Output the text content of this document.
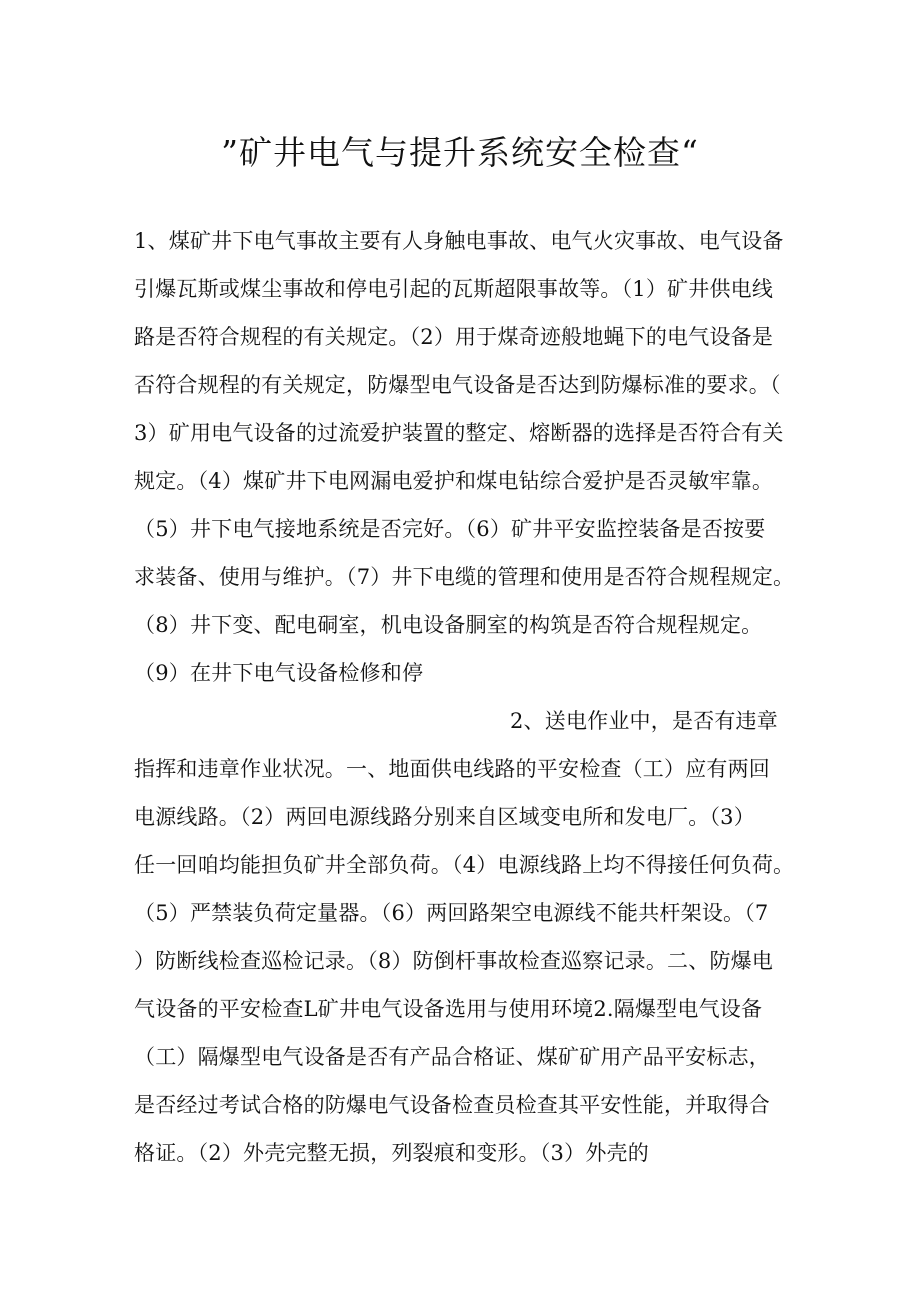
”矿井电气与提升系统安全检查“
1、煤矿井下电气事故主要有人身触电事故、电气火灾事故、电气设备
引爆瓦斯或煤尘事故和停电引起的瓦斯超限事故等。（1）矿井供电线
路是否符合规程的有关规定。（2）用于煤奇迹般地蝇下的电气设备是
否符合规程的有关规定，防爆型电气设备是否达到防爆标准的要求。（
3）矿用电气设备的过流爱护装置的整定、熔断器的选择是否符合有关
规定。（4）煤矿井下电网漏电爱护和煤电钻综合爱护是否灵敏牢靠。
（5）井下电气接地系统是否完好。（6）矿井平安监控装备是否按要
求装备、使用与维护。（7）井下电缆的管理和使用是否符合规程规定。
（8）井下变、配电硐室，机电设备胴室的构筑是否符合规程规定。
（9）在井下电气设备检修和停
2、送电作业中，是否有违章
指挥和违章作业状况。一、地面供电线路的平安检查（工）应有两回
电源线路。（2）两回电源线路分别来自区域变电所和发电厂。（3）
任一回咱均能担负矿井全部负荷。（4）电源线路上均不得接任何负荷。
（5）严禁装负荷定量器。（6）两回路架空电源线不能共杆架设。（7
）防断线检查巡检记录。（8）防倒杆事故检查巡察记录。二、防爆电
气设备的平安检查L矿井电气设备选用与使用环境2.隔爆型电气设备
（工）隔爆型电气设备是否有产品合格证、煤矿矿用产品平安标志，
是否经过考试合格的防爆电气设备检查员检查其平安性能，并取得合
格证。（2）外壳完整无损，列裂痕和变形。（3）外壳的
